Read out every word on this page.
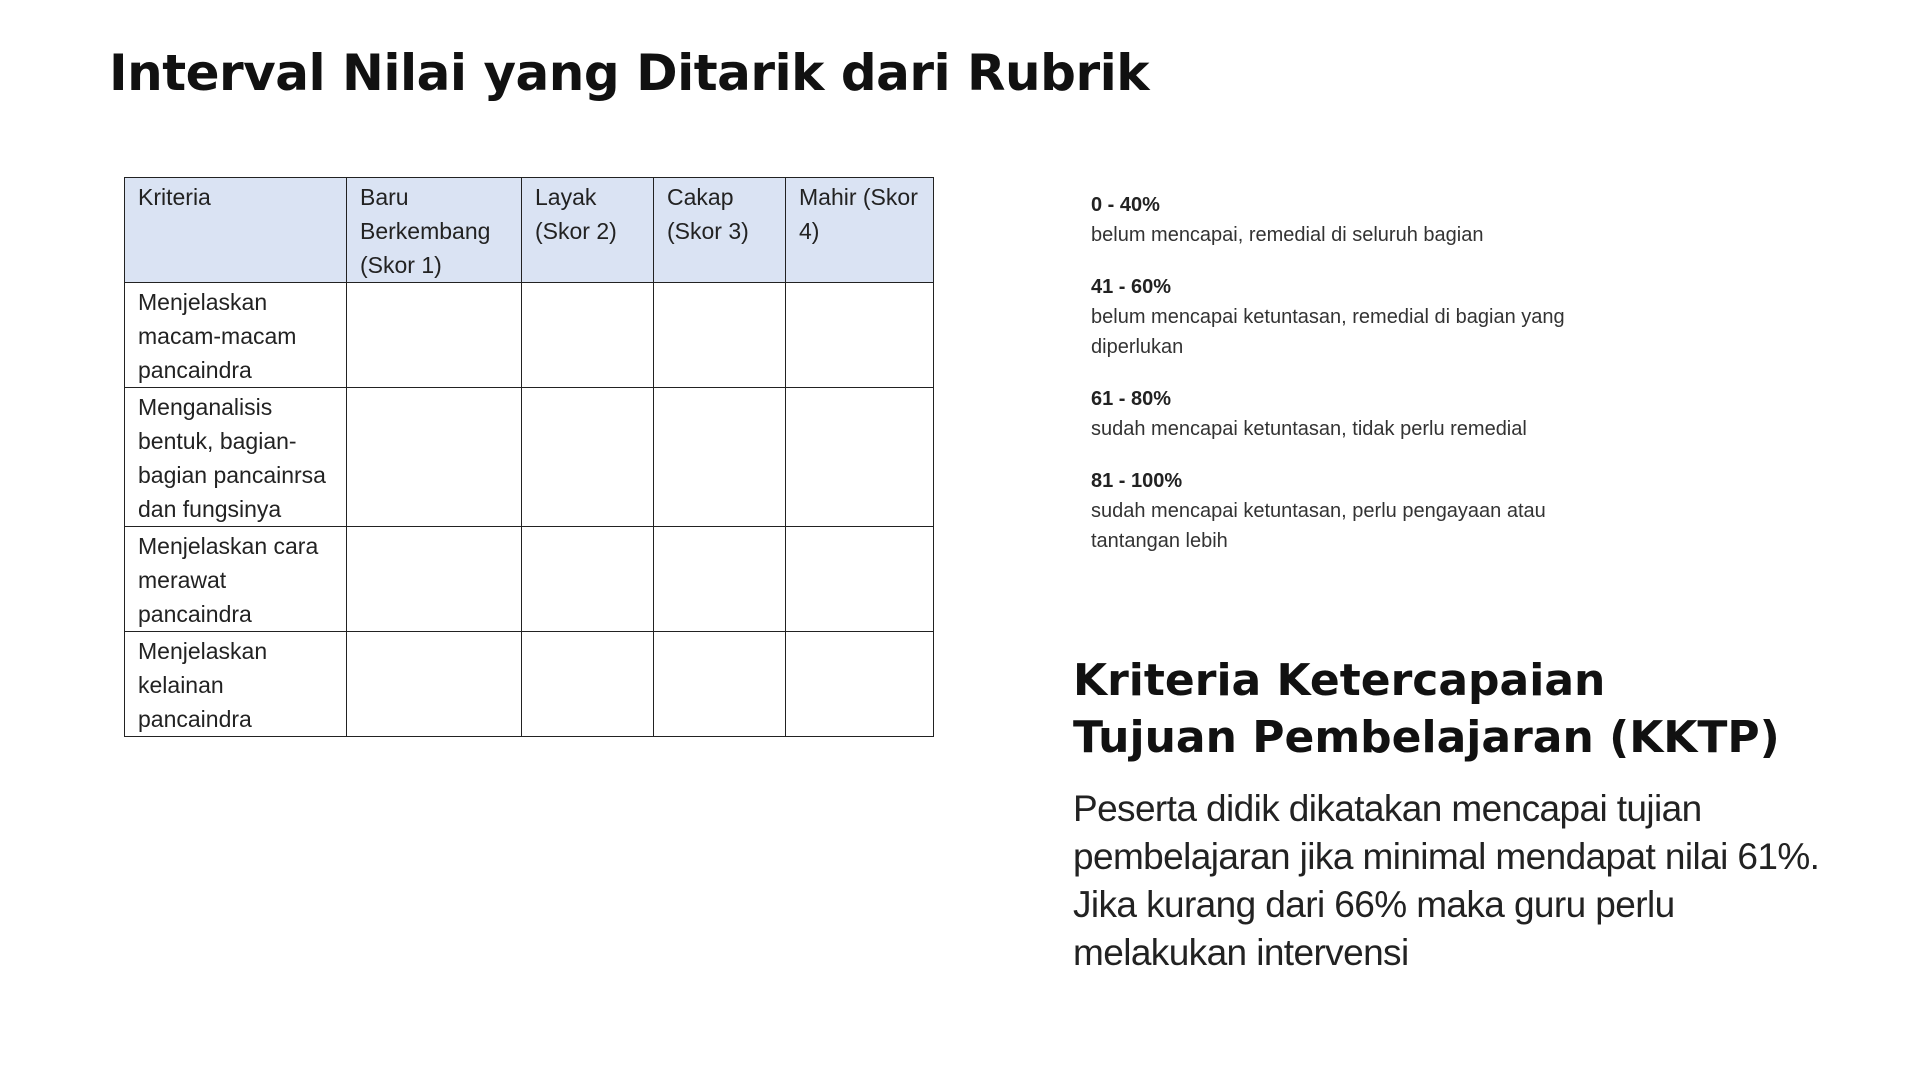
Interval Nilai yang Ditarik dari Rubrik
Kriteria	Baru Berkembang (Skor 1)	Layak (Skor 2)	Cakap (Skor 3)	Mahir (Skor 4)
Menjelaskan macam-macam pancaindra				
Menganalisis bentuk, bagian-bagian pancainrsa dan fungsinya				
Menjelaskan cara merawat pancaindra				
Menjelaskan kelainan pancaindra				
0 - 40%
belum mencapai, remedial di seluruh bagian
41 - 60%
belum mencapai ketuntasan, remedial di bagian yang diperlukan
61 - 80%
sudah mencapai ketuntasan, tidak perlu remedial
81 - 100%
sudah mencapai ketuntasan, perlu pengayaan atau tantangan lebih
Kriteria Ketercapaian
Tujuan Pembelajaran (KKTP)

Peserta didik dikatakan mencapai tujian pembelajaran jika minimal mendapat nilai 61%. Jika kurang dari 66% maka guru perlu melakukan intervensi
